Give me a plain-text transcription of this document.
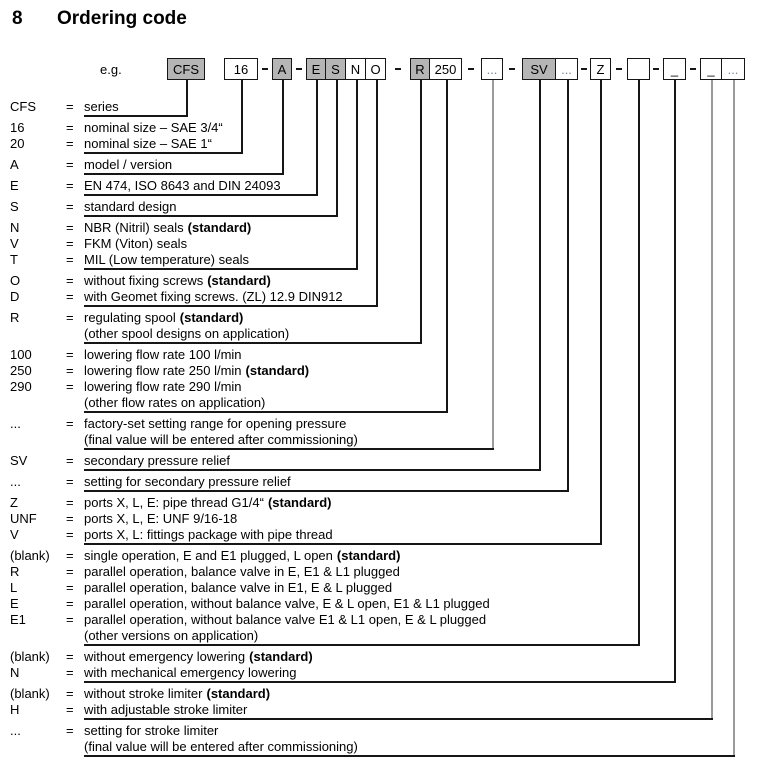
8 Ordering code
e.g.	CFS	16 A E S N O	R 250 ...	SV ... Z	_ _ ...
CFS = series
16	= nominal size – SAE 3/4“
20	= nominal size – SAE 1“
A	= model / version
E	= EN 474, ISO 8643 and DIN 24093
S	= standard design
N	= NBR (Nitril) seals (standard)
V	= FKM (Viton) seals
T	= MIL (Low temperature) seals
O	= without fixing screws (standard)
D	= with Geomet fixing screws. (ZL) 12.9 DIN912
R	= regulating spool (standard)
(other spool designs on application)
100	= lowering flow rate 100 l/min
250	= lowering flow rate 250 l/min (standard)
290	= lowering flow rate 290 l/min
(other flow rates on application)
...	= factory-set setting range for opening pressure
(final value will be entered after commissioning)
SV	= secondary pressure relief
...	= setting for secondary pressure relief
Z	= ports X, L, E: pipe thread G1/4“ (standard)
UNF = ports X, L, E: UNF 9/16-18
V	= ports X, L: fittings package with pipe thread
(blank) = single operation, E and E1 plugged, L open (standard)
R	= parallel operation, balance valve in E, E1 & L1 plugged
L	= parallel operation, balance valve in E1, E & L plugged
E	= parallel operation, without balance valve, E & L open, E1 & L1 plugged
E1	= parallel operation, without balance valve E1 & L1 open, E & L plugged
(other versions on application)
(blank) = without emergency lowering (standard)
N	= with mechanical emergency lowering
(blank) = without stroke limiter (standard)
H	= with adjustable stroke limiter
...	= setting for stroke limiter
(final value will be entered after commissioning)
